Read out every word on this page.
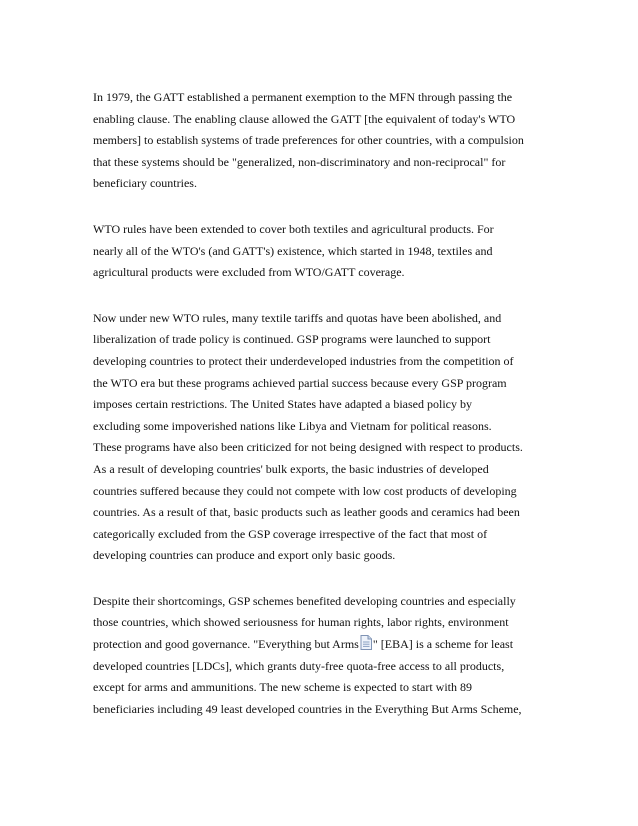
In 1979, the GATT established a permanent exemption to the MFN through passing the
enabling clause. The enabling clause allowed the GATT [the equivalent of today's WTO
members] to establish systems of trade preferences for other countries, with a compulsion
that these systems should be "generalized, non-discriminatory and non-reciprocal" for
beneficiary countries.
WTO rules have been extended to cover both textiles and agricultural products. For
nearly all of the WTO's (and GATT's) existence, which started in 1948, textiles and
agricultural products were excluded from WTO/GATT coverage.
Now under new WTO rules, many textile tariffs and quotas have been abolished, and
liberalization of trade policy is continued. GSP programs were launched to support
developing countries to protect their underdeveloped industries from the competition of
the WTO era but these programs achieved partial success because every GSP program
imposes certain restrictions. The United States have adapted a biased policy by
excluding some impoverished nations like Libya and Vietnam for political reasons.
These programs have also been criticized for not being designed with respect to products.
As a result of developing countries' bulk exports, the basic industries of developed
countries suffered because they could not compete with low cost products of developing
countries. As a result of that, basic products such as leather goods and ceramics had been
categorically excluded from the GSP coverage irrespective of the fact that most of
developing countries can produce and export only basic goods.
Despite their shortcomings, GSP schemes benefited developing countries and especially
those countries, which showed seriousness for human rights, labor rights, environment
protection and good governance. "Everything but Arms " [EBA] is a scheme for least
developed countries [LDCs], which grants duty-free quota-free access to all products,
except for arms and ammunitions. The new scheme is expected to start with 89
beneficiaries including 49 least developed countries in the Everything But Arms Scheme,
